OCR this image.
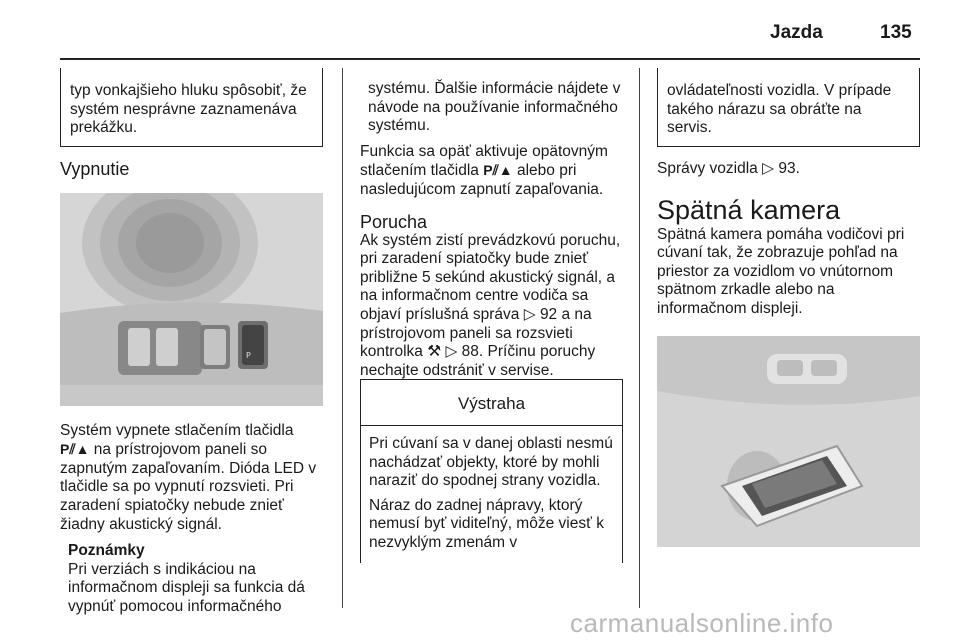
Jazda	135
typ vonkajšieho hluku spôsobiť, že systém nesprávne zaznamenáva prekážku.
Vypnutie
P

Systém vypnete stlačením tlačidla
P⫽▲ na prístrojovom paneli so zapnutým zapaľovaním. Dióda LED v tlačidle sa po vypnutí rozsvieti. Pri zaradení spiatočky nebude znieť žiadny akustický signál.

Poznámky
Pri verziách s indikáciou na informačnom displeji sa funkcia dá vypnúť pomocou informačného

systému. Ďalšie informácie nájdete v návode na používanie informačného systému.

Funkcia sa opäť aktivuje opätovným stlačením tlačidla P⫽▲ alebo pri nasledujúcom zapnutí zapaľovania.

Porucha

Ak systém zistí prevádzkovú poruchu, pri zaradení spiatočky bude znieť približne 5 sekúnd akustický signál, a na informačnom centre vodiča sa objaví príslušná správa ▷ 92 a na prístrojovom paneli sa rozsvieti kontrolka ⚒ ▷ 88. Príčinu poruchy nechajte odstrániť v servise.

Výstraha

Pri cúvaní sa v danej oblasti nesmú nachádzať objekty, ktoré by mohli naraziť do spodnej strany vozidla.

Náraz do zadnej nápravy, ktorý nemusí byť viditeľný, môže viesť k nezvyklým zmenám v

ovládateľnosti vozidla. V prípade takého nárazu sa obráťte na servis.

Správy vozidla ▷ 93.

Spätná kamera

Spätná kamera pomáha vodičovi pri cúvaní tak, že zobrazuje pohľad na priestor za vozidlom vo vnútornom spätnom zrkadle alebo na informačnom displeji.

carmanualsonline.info
